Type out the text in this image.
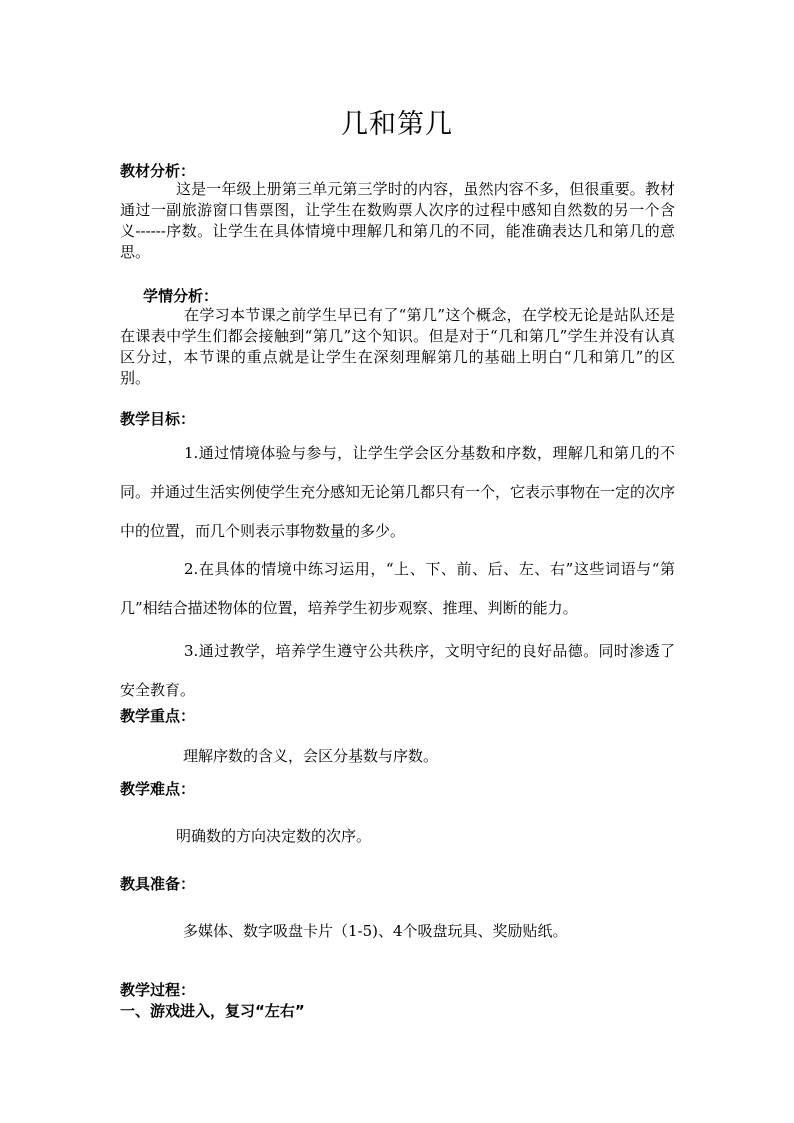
几和第几
教材分析：
这是一年级上册第三单元第三学时的内容，虽然内容不多，但很重要。教材通过一副旅游窗口售票图，让学生在数购票人次序的过程中感知自然数的另一个含义------序数。让学生在具体情境中理解几和第几的不同，能准确表达几和第几的意思。
学情分析：
在学习本节课之前学生早已有了“第几”这个概念，在学校无论是站队还是在课表中学生们都会接触到“第几”这个知识。但是对于“几和第几”学生并没有认真区分过，本节课的重点就是让学生在深刻理解第几的基础上明白“几和第几”的区别。
教学目标：
1.通过情境体验与参与，让学生学会区分基数和序数，理解几和第几的不同。并通过生活实例使学生充分感知无论第几都只有一个，它表示事物在一定的次序中的位置，而几个则表示事物数量的多少。
2.在具体的情境中练习运用，“上、下、前、后、左、右”这些词语与“第几”相结合描述物体的位置，培养学生初步观察、推理、判断的能力。
3.通过教学，培养学生遵守公共秩序，文明守纪的良好品德。同时渗透了安全教育。
教学重点：
理解序数的含义，会区分基数与序数。
教学难点：
明确数的方向决定数的次序。
教具准备：
多媒体、数字吸盘卡片（1-5)、4个吸盘玩具、奖励贴纸。
教学过程：
一、游戏进入，复习“左右”
